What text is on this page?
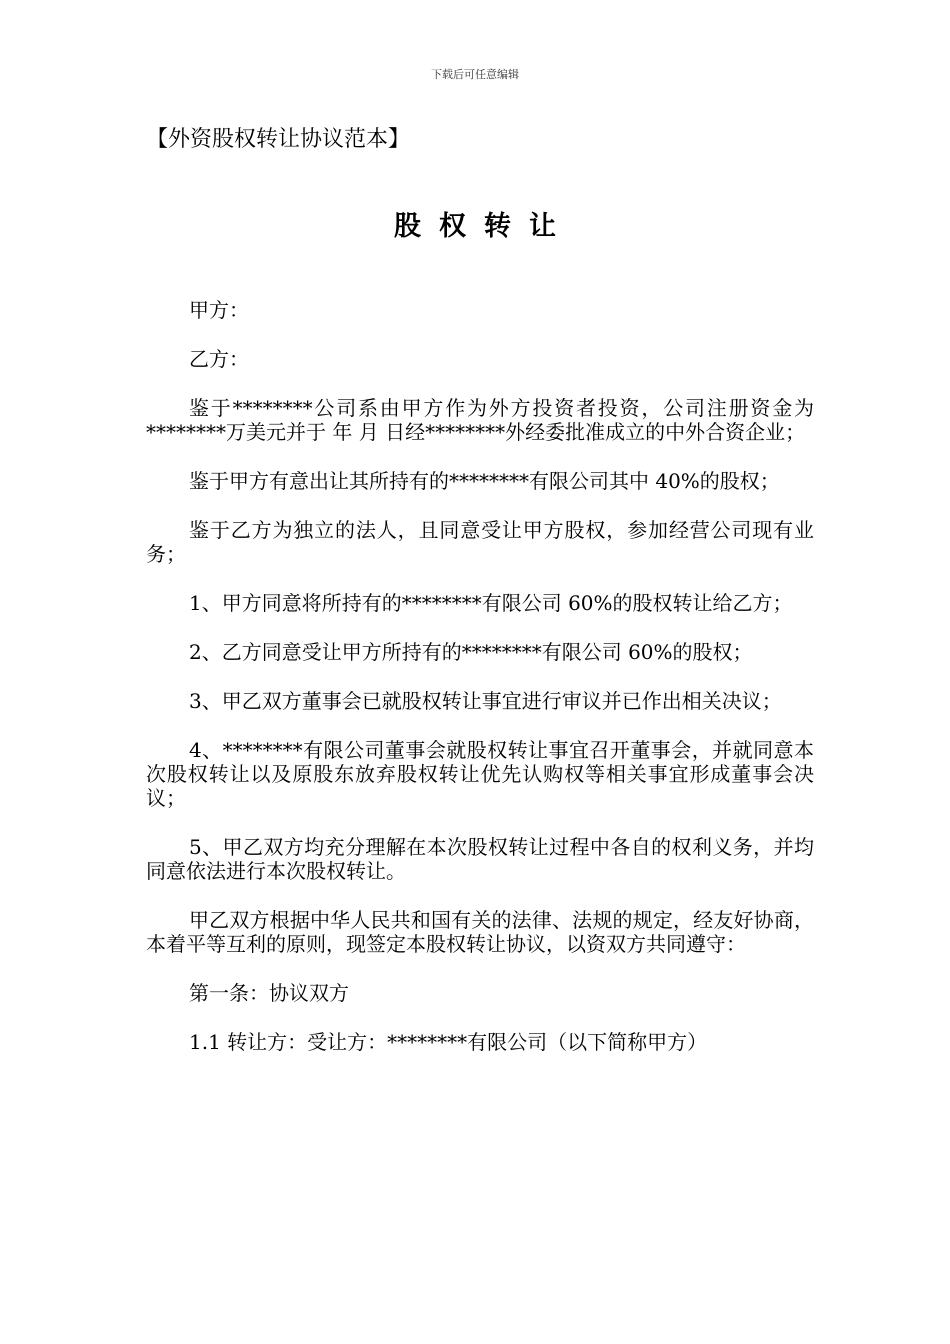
下载后可任意编辑
【外资股权转让协议范本】
股权转让

甲方：

乙方：

鉴于********公司系由甲方作为外方投资者投资，公司注册资金为********万美元并于 年 月 日经********外经委批准成立的中外合资企业；

鉴于甲方有意出让其所持有的********有限公司其中 40%的股权；

鉴于乙方为独立的法人，且同意受让甲方股权，参加经营公司现有业务；

1、甲方同意将所持有的********有限公司 60%的股权转让给乙方；

2、乙方同意受让甲方所持有的********有限公司 60%的股权；

3、甲乙双方董事会已就股权转让事宜进行审议并已作出相关决议；

4、********有限公司董事会就股权转让事宜召开董事会，并就同意本次股权转让以及原股东放弃股权转让优先认购权等相关事宜形成董事会决议；

5、甲乙双方均充分理解在本次股权转让过程中各自的权利义务，并均同意依法进行本次股权转让。

甲乙双方根据中华人民共和国有关的法律、法规的规定，经友好协商，本着平等互利的原则，现签定本股权转让协议，以资双方共同遵守：

第一条：协议双方

1.1 转让方：受让方：********有限公司（以下简称甲方）
